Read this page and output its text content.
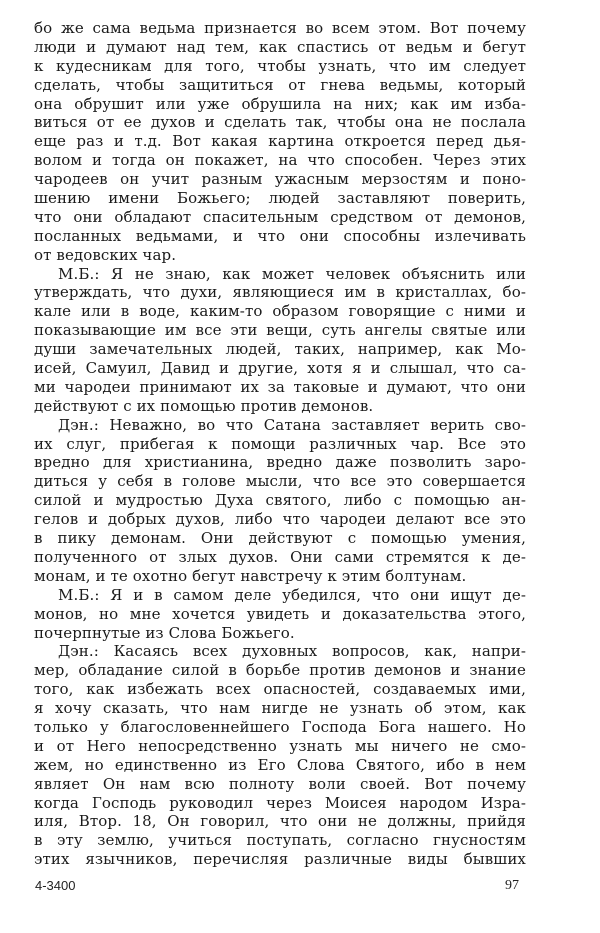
бо же сама ведьма признается во всем этом. Вот почему
люди и думают над тем, как спастись от ведьм и бегут
к кудесникам для того, чтобы узнать, что им следует
сделать, чтобы защититься от гнева ведьмы, который
она обрушит или уже обрушила на них; как им изба-
виться от ее духов и сделать так, чтобы она не послала
еще раз и т.д. Вот какая картина откроется перед дья-
волом и тогда он покажет, на что способен. Через этих
чародеев он учит разным ужасным мерзостям и поно-
шению имени Божьего; людей заставляют поверить,
что они обладают спасительным средством от демонов,
посланных ведьмами, и что они способны излечивать
от ведовских чар.
М.Б.: Я не знаю, как может человек объяснить или
утверждать, что духи, являющиеся им в кристаллах, бо-
кале или в воде, каким-то образом говорящие с ними и
показывающие им все эти вещи, суть ангелы святые или
души замечательных людей, таких, например, как Мо-
исей, Самуил, Давид и другие, хотя я и слышал, что са-
ми чародеи принимают их за таковые и думают, что они
действуют с их помощью против демонов.
Дэн.: Неважно, во что Сатана заставляет верить сво-
их слуг, прибегая к помощи различных чар. Все это
вредно для христианина, вредно даже позволить заро-
диться у себя в голове мысли, что все это совершается
силой и мудростью Духа святого, либо с помощью ан-
гелов и добрых духов, либо что чародеи делают все это
в пику демонам. Они действуют с помощью умения,
полученного от злых духов. Они сами стремятся к де-
монам, и те охотно бегут навстречу к этим болтунам.
М.Б.: Я и в самом деле убедился, что они ищут де-
монов, но мне хочется увидеть и доказательства этого,
почерпнутые из Слова Божьего.
Дэн.: Касаясь всех духовных вопросов, как, напри-
мер, обладание силой в борьбе против демонов и знание
того, как избежать всех опасностей, создаваемых ими,
я хочу сказать, что нам нигде не узнать об этом, как
только у благословеннейшего Господа Бога нашего. Но
и от Него непосредственно узнать мы ничего не смо-
жем, но единственно из Его Слова Святого, ибо в нем
являет Он нам всю полноту воли своей. Вот почему
когда Господь руководил через Моисея народом Изра-
иля, Втор. 18, Он говорил, что они не должны, прийдя
в эту землю, учиться поступать, согласно гнусностям
этих язычников, перечисляя различные виды бывших
4-3400	97
